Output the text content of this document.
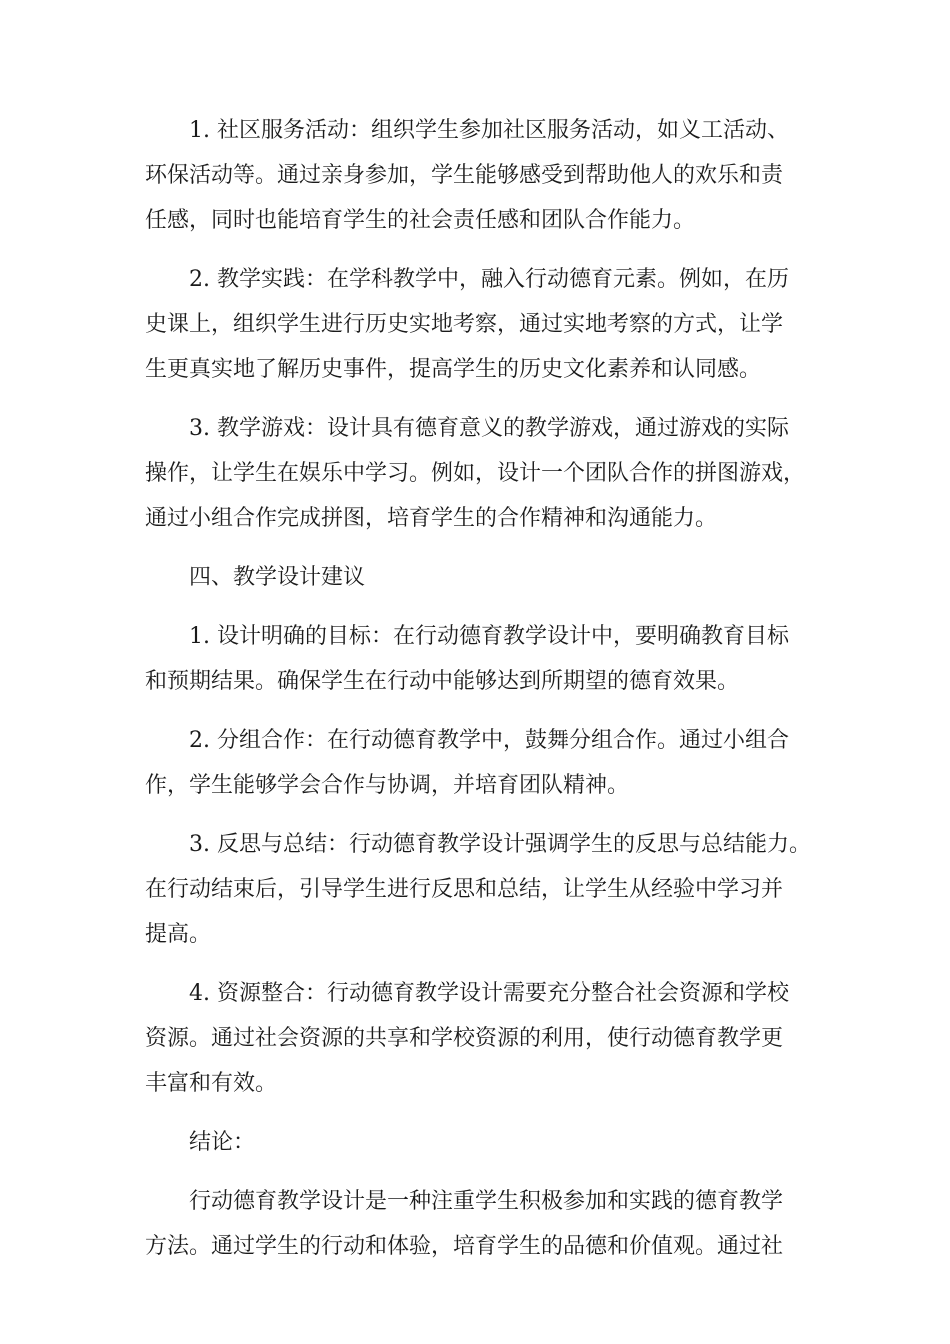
1. 社区服务活动：组织学生参加社区服务活动，如义工活动、
环保活动等。通过亲身参加，学生能够感受到帮助他人的欢乐和责
任感，同时也能培育学生的社会责任感和团队合作能力。
2. 教学实践：在学科教学中，融入行动德育元素。例如，在历
史课上，组织学生进行历史实地考察，通过实地考察的方式，让学
生更真实地了解历史事件，提高学生的历史文化素养和认同感。
3. 教学游戏：设计具有德育意义的教学游戏，通过游戏的实际
操作，让学生在娱乐中学习。例如，设计一个团队合作的拼图游戏，
通过小组合作完成拼图，培育学生的合作精神和沟通能力。
四、教学设计建议
1. 设计明确的目标：在行动德育教学设计中，要明确教育目标
和预期结果。确保学生在行动中能够达到所期望的德育效果。
2. 分组合作：在行动德育教学中，鼓舞分组合作。通过小组合
作，学生能够学会合作与协调，并培育团队精神。
3. 反思与总结：行动德育教学设计强调学生的反思与总结能力。
在行动结束后，引导学生进行反思和总结，让学生从经验中学习并
提高。
4. 资源整合：行动德育教学设计需要充分整合社会资源和学校
资源。通过社会资源的共享和学校资源的利用，使行动德育教学更
丰富和有效。
结论：
行动德育教学设计是一种注重学生积极参加和实践的德育教学
方法。通过学生的行动和体验，培育学生的品德和价值观。通过社
